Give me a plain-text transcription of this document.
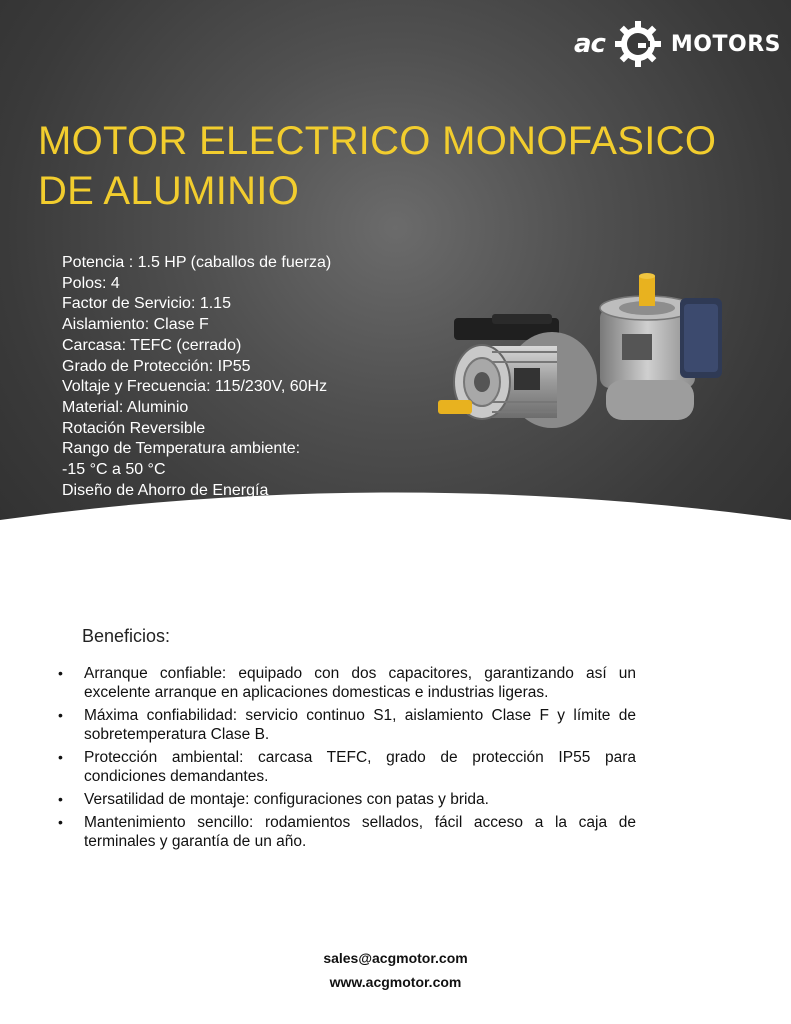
ac	MOTORS
MOTOR ELECTRICO MONOFASICO
DE ALUMINIO
Potencia : 1.5 HP (caballos de fuerza)
Polos: 4
Factor de Servicio: 1.15
Aislamiento: Clase F
Carcasa: TEFC (cerrado)
Grado de Protección: IP55
Voltaje y Frecuencia: 115/230V, 60Hz
Material: Aluminio
Rotación Reversible
Rango de Temperatura ambiente:
-15 °C a 50 °C
Diseño de Ahorro de Energía
Beneficios:
• Arranque confiable: equipado con dos capacitores, garantizando así un excelente arranque en aplicaciones domesticas e industrias ligeras.
• Máxima confiabilidad: servicio continuo S1, aislamiento Clase F y límite de sobretemperatura Clase B.
• Protección ambiental: carcasa TEFC, grado de protección IP55 para condiciones demandantes.
• Versatilidad de montaje: configuraciones con patas y brida.
• Mantenimiento sencillo: rodamientos sellados, fácil acceso a la caja de terminales y garantía de un año.
sales@acgmotor.com
www.acgmotor.com
